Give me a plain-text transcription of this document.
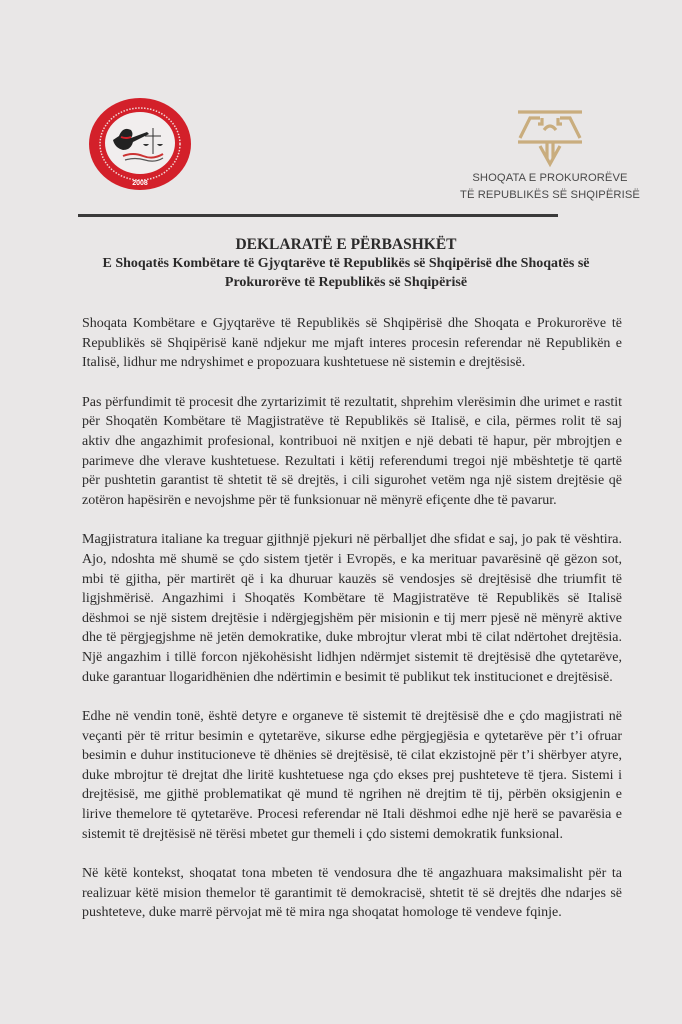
2008	SHOQATA E PROKURORËVE
TË REPUBLIKËS SË SHQIPËRISË
DEKLARATË E PËRBASHKËT
E Shoqatës Kombëtare të Gjyqtarëve të Republikës së Shqipërisë dhe Shoqatës së
Prokurorëve të Republikës së Shqipërisë

Shoqata Kombëtare e Gjyqtarëve të Republikës së Shqipërisë dhe Shoqata e Prokurorëve të Republikës së Shqipërisë kanë ndjekur me mjaft interes procesin referendar në Republikën e Italisë, lidhur me ndryshimet e propozuara kushtetuese në sistemin e drejtësisë.

Pas përfundimit të procesit dhe zyrtarizimit të rezultatit, shprehim vlerësimin dhe urimet e rastit për Shoqatën Kombëtare të Magjistratëve të Republikës së Italisë, e cila, përmes rolit të saj aktiv dhe angazhimit profesional, kontribuoi në nxitjen e një debati të hapur, për mbrojtjen e parimeve dhe vlerave kushtetuese. Rezultati i këtij referendumi tregoi një mbështetje të qartë për pushtetin garantist të shtetit të së drejtës, i cili sigurohet vetëm nga një sistem drejtësie që zotëron hapësirën e nevojshme për të funksionuar në mënyrë efiçente dhe të pavarur.

Magjistratura italiane ka treguar gjithnjë pjekuri në përballjet dhe sfidat e saj, jo pak të vështira. Ajo, ndoshta më shumë se çdo sistem tjetër i Evropës, e ka merituar pavarësinë që gëzon sot, mbi të gjitha, për martirët që i ka dhuruar kauzës së vendosjes së drejtësisë dhe triumfit të ligjshmërisë. Angazhimi i Shoqatës Kombëtare të Magjistratëve të Republikës së Italisë dëshmoi se një sistem drejtësie i ndërgjegjshëm për misionin e tij merr pjesë në mënyrë aktive dhe të përgjegjshme në jetën demokratike, duke mbrojtur vlerat mbi të cilat ndërtohet drejtësia. Një angazhim i tillë forcon njëkohësisht lidhjen ndërmjet sistemit të drejtësisë dhe qytetarëve, duke garantuar llogaridhënien dhe ndërtimin e besimit të publikut tek institucionet e drejtësisë.

Edhe në vendin tonë, është detyre e organeve të sistemit të drejtësisë dhe e çdo magjistrati në veçanti për të rritur besimin e qytetarëve, sikurse edhe përgjegjësia e qytetarëve për t’i ofruar besimin e duhur institucioneve të dhënies së drejtësisë, të cilat ekzistojnë për t’i shërbyer atyre, duke mbrojtur të drejtat dhe liritë kushtetuese nga çdo ekses prej pushteteve të tjera. Sistemi i drejtësisë, me gjithë problematikat që mund të ngrihen në drejtim të tij, përbën oksigjenin e lirive themelore të qytetarëve. Procesi referendar në Itali dëshmoi edhe një herë se pavarësia e sistemit të drejtësisë në tërësi mbetet gur themeli i çdo sistemi demokratik funksional.

Në këtë kontekst, shoqatat tona mbeten të vendosura dhe të angazhuara maksimalisht për ta realizuar këtë mision themelor të garantimit të demokracisë, shtetit të së drejtës dhe ndarjes së pushteteve, duke marrë përvojat më të mira nga shoqatat homologe të vendeve fqinje.
